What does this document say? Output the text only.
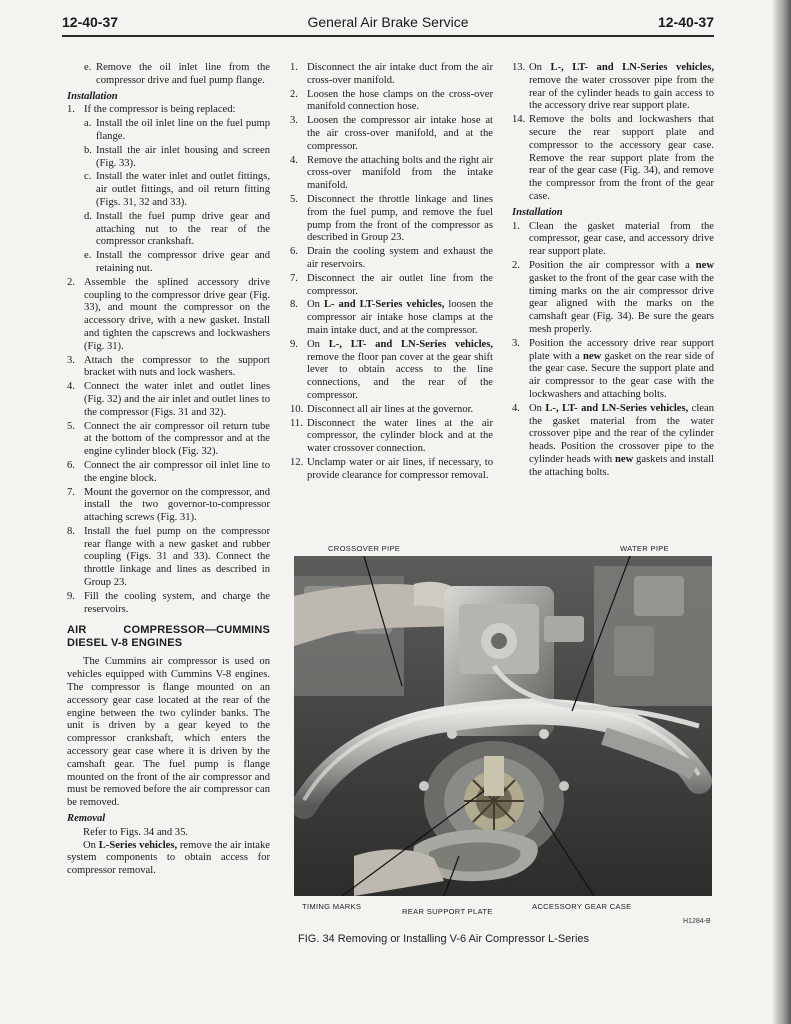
12-40-37	General Air Brake Service	12-40-37
e. Remove the oil inlet line from the compressor drive and fuel pump flange.
Installation
1. If the compressor is being replaced:
a. Install the oil inlet line on the fuel pump flange.
b. Install the air inlet housing and screen (Fig. 33).
c. Install the water inlet and outlet fittings, air outlet fittings, and oil return fitting (Figs. 31, 32 and 33).
d. Install the fuel pump drive gear and attaching nut to the rear of the compressor crankshaft.
e. Install the compressor drive gear and retaining nut.
2. Assemble the splined accessory drive coupling to the compressor drive gear (Fig. 33), and mount the compressor on the accessory drive, with a new gasket. Install and tighten the capscrews and lockwashers (Fig. 31).
3. Attach the compressor to the support bracket with nuts and lock washers.
4. Connect the water inlet and outlet lines (Fig. 32) and the air inlet and outlet lines to the compressor (Figs. 31 and 32).
5. Connect the air compressor oil return tube at the bottom of the compressor and at the engine cylinder block (Fig. 32).
6. Connect the air compressor oil inlet line to the engine block.
7. Mount the governor on the compressor, and install the two governor-to-compressor attaching screws (Fig. 31).
8. Install the fuel pump on the compressor rear flange with a new gasket and rubber coupling (Figs. 31 and 33). Connect the throttle linkage and lines as described in Group 23.
9. Fill the cooling system, and charge the reservoirs.
AIR COMPRESSOR—CUMMINS DIESEL V-8 ENGINES

The Cummins air compressor is used on vehicles equipped with Cummins V-8 engines. The compressor is flange mounted on an accessory gear case located at the rear of the engine between the two cylinder banks. The unit is driven by a gear keyed to the compressor crankshaft, which enters the accessory gear case where it is driven by the camshaft gear. The fuel pump is flange mounted on the front of the air compressor and must be removed before the air compressor can be removed.

Removal

Refer to Figs. 34 and 35.

On L-Series vehicles, remove the air intake system components to obtain access for compressor removal.

1. Disconnect the air intake duct from the air cross-over manifold.
2. Loosen the hose clamps on the cross-over manifold connection hose.
3. Loosen the compressor air intake hose at the air cross-over manifold, and at the compressor.
4. Remove the attaching bolts and the right air cross-over manifold from the intake manifold.
5. Disconnect the throttle linkage and lines from the fuel pump, and remove the fuel pump from the front of the compressor as described in Group 23.
6. Drain the cooling system and exhaust the air reservoirs.
7. Disconnect the air outlet line from the compressor.
8. On L- and LT-Series vehicles, loosen the compressor air intake hose clamps at the main intake duct, and at the compressor.
9. On L-, LT- and LN-Series vehicles, remove the floor pan cover at the gear shift lever to obtain access to the line connections, and the rear of the compressor.
10. Disconnect all air lines at the governor.
11. Disconnect the water lines at the air compressor, the cylinder block and at the water crossover connection.
12. Unclamp water or air lines, if necessary, to provide clearance for compressor removal.
13. On L-, LT- and LN-Series vehicles, remove the water crossover pipe from the rear of the cylinder heads to gain access to the accessory drive rear support plate.
14. Remove the bolts and lockwashers that secure the rear support plate and compressor to the accessory gear case. Remove the rear support plate from the rear of the gear case (Fig. 34), and remove the compressor from the front of the gear case.
Installation
1. Clean the gasket material from the compressor, gear case, and accessory drive rear support plate.
2. Position the air compressor with a new gasket to the front of the gear case with the timing marks on the air compressor drive gear aligned with the marks on the camshaft gear (Fig. 34). Be sure the gears mesh properly.
3. Position the accessory drive rear support plate with a new gasket on the rear side of the gear case. Secure the support plate and air compressor to the gear case with the lockwashers and attaching bolts.
4. On L-, LT- and LN-Series vehicles, clean the gasket material from the water crossover pipe and the rear of the cylinder heads. Position the crossover pipe to the cylinder heads with new gaskets and install the attaching bolts.
CROSSOVER PIPE	WATER PIPE
TIMING MARKS
REAR SUPPORT PLATE
ACCESSORY GEAR CASE
H1284-B
FIG. 34 Removing or Installing V-6 Air Compressor L-Series
